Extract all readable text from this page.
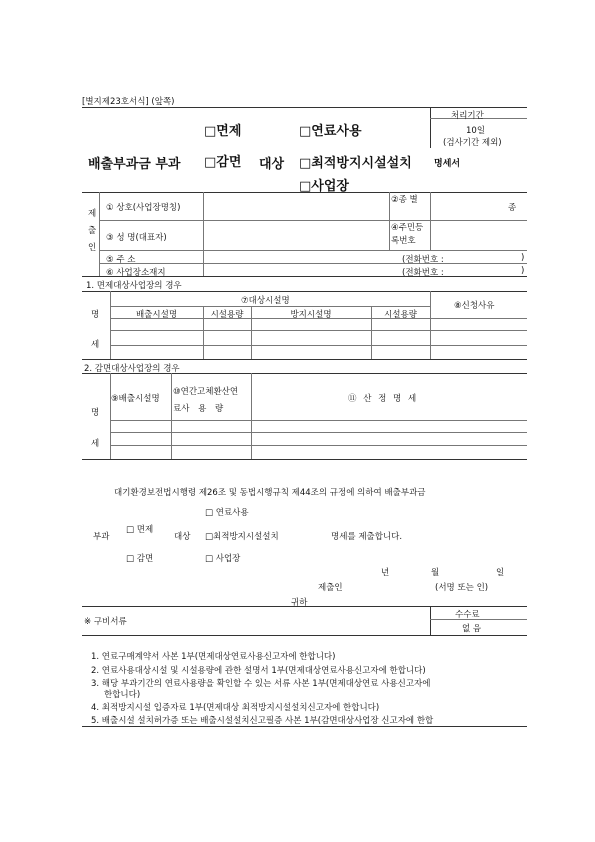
[별지제23호서식] (앞쪽)
처리기간
10일
(검사기간 제외)
□면제	□연료사용
배출부과금 부과 □감면 대상 □최적방지시설설치 명세서
□사업장
제
출
인
① 상호(사업장명칭)
②종 별
종
③ 성 명(대표자)
④주민등록번호
⑤ 주 소	(전화번호 :	)
⑥ 사업장소재지	(전화번호 :	)
1. 면제대상사업장의 경우
명
세
⑦대상시설명	⑧신청사유
배출시설명	시설용량	방지시설명	시설용량
2. 감면대상사업장의 경우
명
세
⑨배출시설명
⑩연간고체환산연
료사 용 량
⑪ 산 정 명 세
대기환경보전법시행령 제26조 및 동법시행규칙 제44조의 규정에 의하여 배출부과금
□ 연료사용
부과
□ 면제
대상 □최적방지시설설치	명세를 제출합니다.
□ 감면	□ 사업장
년	월	일
제출인	(서명 또는 인)
귀하
수수료
없 음
※ 구비서류
1. 연료구매계약서 사본 1부(면제대상연료사용신고자에 한합니다)
2. 연료사용대상시설 및 시설용량에 관한 설명서 1부(면제대상연료사용신고자에 한합니다)
3. 해당 부과기간의 연료사용량을 확인할 수 있는 서류 사본 1부(면제대상연료 사용신고자에
한합니다)
4. 최적방지시설 입증자료 1부(면제대상 최적방지시설설치신고자에 한합니다)
5. 배출시설 설치허가증 또는 배출시설설치신고필증 사본 1부(감면대상사업장 신고자에 한합
